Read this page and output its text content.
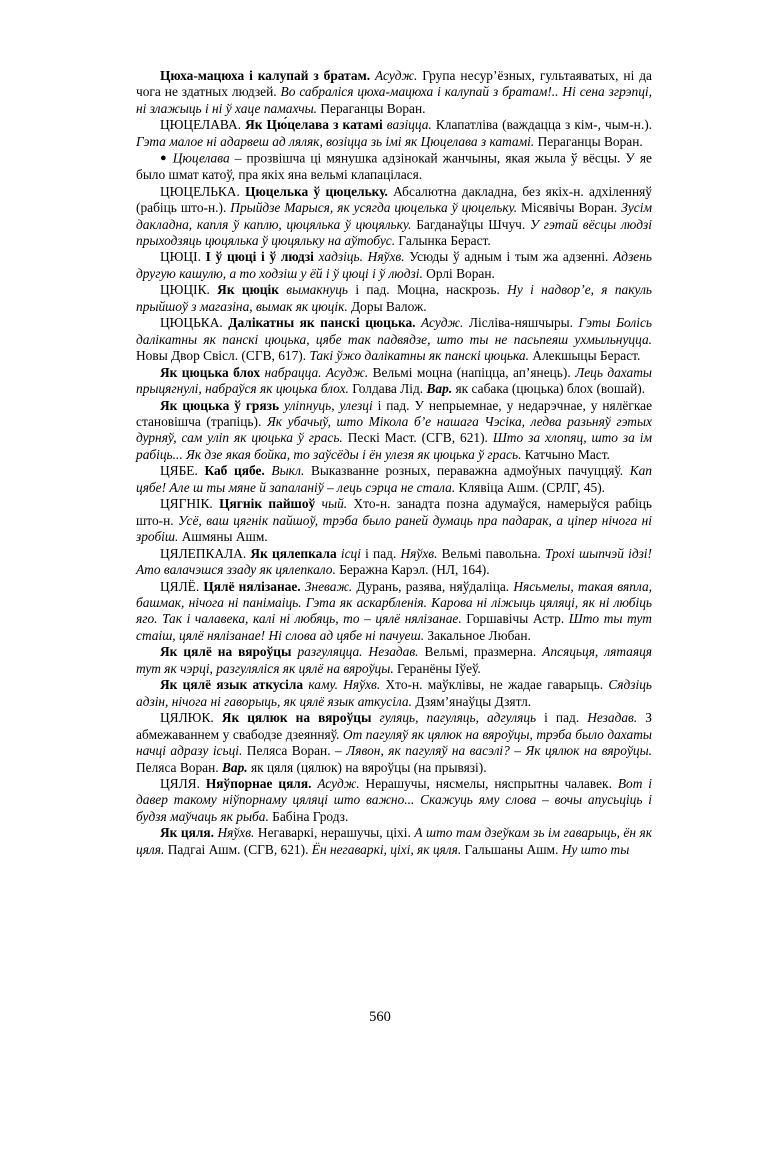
Цюха-мацюха і калупай з братам. Асудж. Група несур’ёзных, гультаяватых, ні да чога не здатных людзей. Во сабраліся цюха-мацюха і калупай з братам!.. Ні сена згрэпці, ні злажыць і ні ў хаце памахчы. Пераганцы Воран.

ЦЮЦЕЛАВА. Як Цю́целава з катамі вазіцца. Клапатліва (важдацца з кім-, чым-н.). Гэта малое ні адарвеш ад ляляк, возіцца зь імі як Цюцелава з катамі. Пераганцы Воран.

● Цюцелава – прозвішча ці мянушка адзінокай жанчыны, якая жыла ў вёсцы. У яе было шмат катоў, пра якіх яна вельмі клапацілася.

ЦЮЦЕЛЬКА. Цюцелька ў цюцельку. Абсалютна дакладна, без якіх-н. адхіленняў (рабіць што-н.). Прыйдзе Марыся, як усягда цюцелька ў цюцельку. Місявічы Воран. Зусім дакладна, капля ў каплю, цюцялька ў цюцялькy. Багданаўцы Шчуч. У гэтай вёсцы людзі прыходзяць цюцялька ў цюцялькy на аўтобус. Галынка Бераст.

ЦЮЦІ. І ў цюці і ў людзі хадзіць. Няўхв. Усюды ў адным і тым жа адзенні. Адзень другую кашулю, а то ходзіш у ёй і ў цюці і ў людзі. Орлі Воран.

ЦЮЦІК. Як цюцік вымакнуць і пад. Моцна, наскрозь. Ну і надвор’е, я пакуль прыйшоў з магазіна, вымак як цюцік. Доры Валож.

ЦЮЦЬКА. Далікатны як панскі цюцька. Асудж. Лісліва-няшчыры. Гэты Болісь далікатны як панскі цюцька, цябе так падвядзе, што ты не пасьпеяш ухмыльнуцца. Новы Двор Свісл. (СГВ, 617). Такі ўжо далікатны як панскі цюцька. Алекшыцы Бераст.

Як цюцька блох набрацца. Асудж. Вельмі моцна (напіцца, ап’янець). Лець дахаты прыцягнулі, набраўся як цюцька блох. Голдава Лід. Вар. як сабака (цюцька) блох (вошай).

Як цюцька ў грязь уліпнуць, улезці і пад. У непрыемнае, у недарэчнае, у нялёгкае становішча (трапіць). Як убачыў, што Мікола б’е нашага Чэсіка, ледва разьняў гэтых дурняў, сам уліп як цюцька ў грась. Пескі Маст. (СГВ, 621). Што за хлопяц, што за ім рабіць... Як дзе якая бойка, то заўсёды і ён улезя як цюцька ў грась. Катчыно Маст.

ЦЯБЕ. Каб цябе. Выкл. Выказванне розных, пераважна адмоўных пачуццяў. Кап цябе! Але ш ты мяне й запаланіў – лець сэрца не стала. Клявіца Ашм. (СРЛГ, 45).

ЦЯГНІК. Цягнік пайшоў чый. Хто-н. занадта позна адумаўся, намерыўся рабіць што-н. Усё, ваш цягнік пайшоў, трэба было раней думаць пра падарак, а ціпер нічога ні зробіш. Ашмяны Ашм.

ЦЯЛЕПКАЛА. Як цялепкала ісці і пад. Няўхв. Вельмі павольна. Трохі шыпчэй ідзі! Ато валачэшся ззаду як цялепкало. Беражна Карэл. (НЛ, 164).

ЦЯЛЁ. Цялё нялізанае. Зневаж. Дурань, разява, няўдаліца. Нясьмелы, такая вяпла, башмак, нічога ні панімаіць. Гэта як аскарбленія. Карова ні ліжыць цяляці, як ні любіць яго. Так і чалавека, калі ні любяць, то – цялё нялізанае. Горшавічы Астр. Што ты тут стаіш, цялё нялізанае! Ні слова ад цябе ні пачуеш. Закальное Любан.

Як цялё на вяроўцы разгуляцца. Незадав. Вельмі, празмерна. Апсяцьця, лятаяця тут як чэрці, разгуляліся як цялё на вяроўцы. Геранёны Іўеў.

Як цялё язык аткусіла каму. Няўхв. Хто-н. маўклівы, не жадае гаварыць. Сядзіць адзін, нічога ні гаворыць, як цялё язык аткусіла. Дзям’янаўцы Дзятл.

ЦЯЛЮК. Як цялюк на вяроўцы гуляць, пагуляць, адгуляць і пад. Незадав. З абмежаваннем у свабодзе дзеянняў. От пагуляў як цялюк на вяроўцы, трэба было дахаты начці адразу ісьці. Пеляса Воран. – Лявон, як пагуляў на васэлі? – Як цялюк на вяроўцы. Пеляса Воран. Вар. як цяля (цялюк) на вяроўцы (на прывязі).

ЦЯЛЯ. Няўпорнае цяля. Асудж. Нерашучы, нясмелы, няспрытны чалавек. Вот і давер такому ніўпорнаму цяляці што важно... Скажуць яму слова – вочы апусьціць і будзя маўчаць як рыба. Бабіна Гродз.

Як цяля. Няўхв. Негаваркі, нерашучы, ціхі. А што там дзеўкам зь ім гаварыць, ён як цяля. Падгаі Ашм. (СГВ, 621). Ён негаваркі, ціхі, як цяля. Гальшаны Ашм. Ну што ты

560
